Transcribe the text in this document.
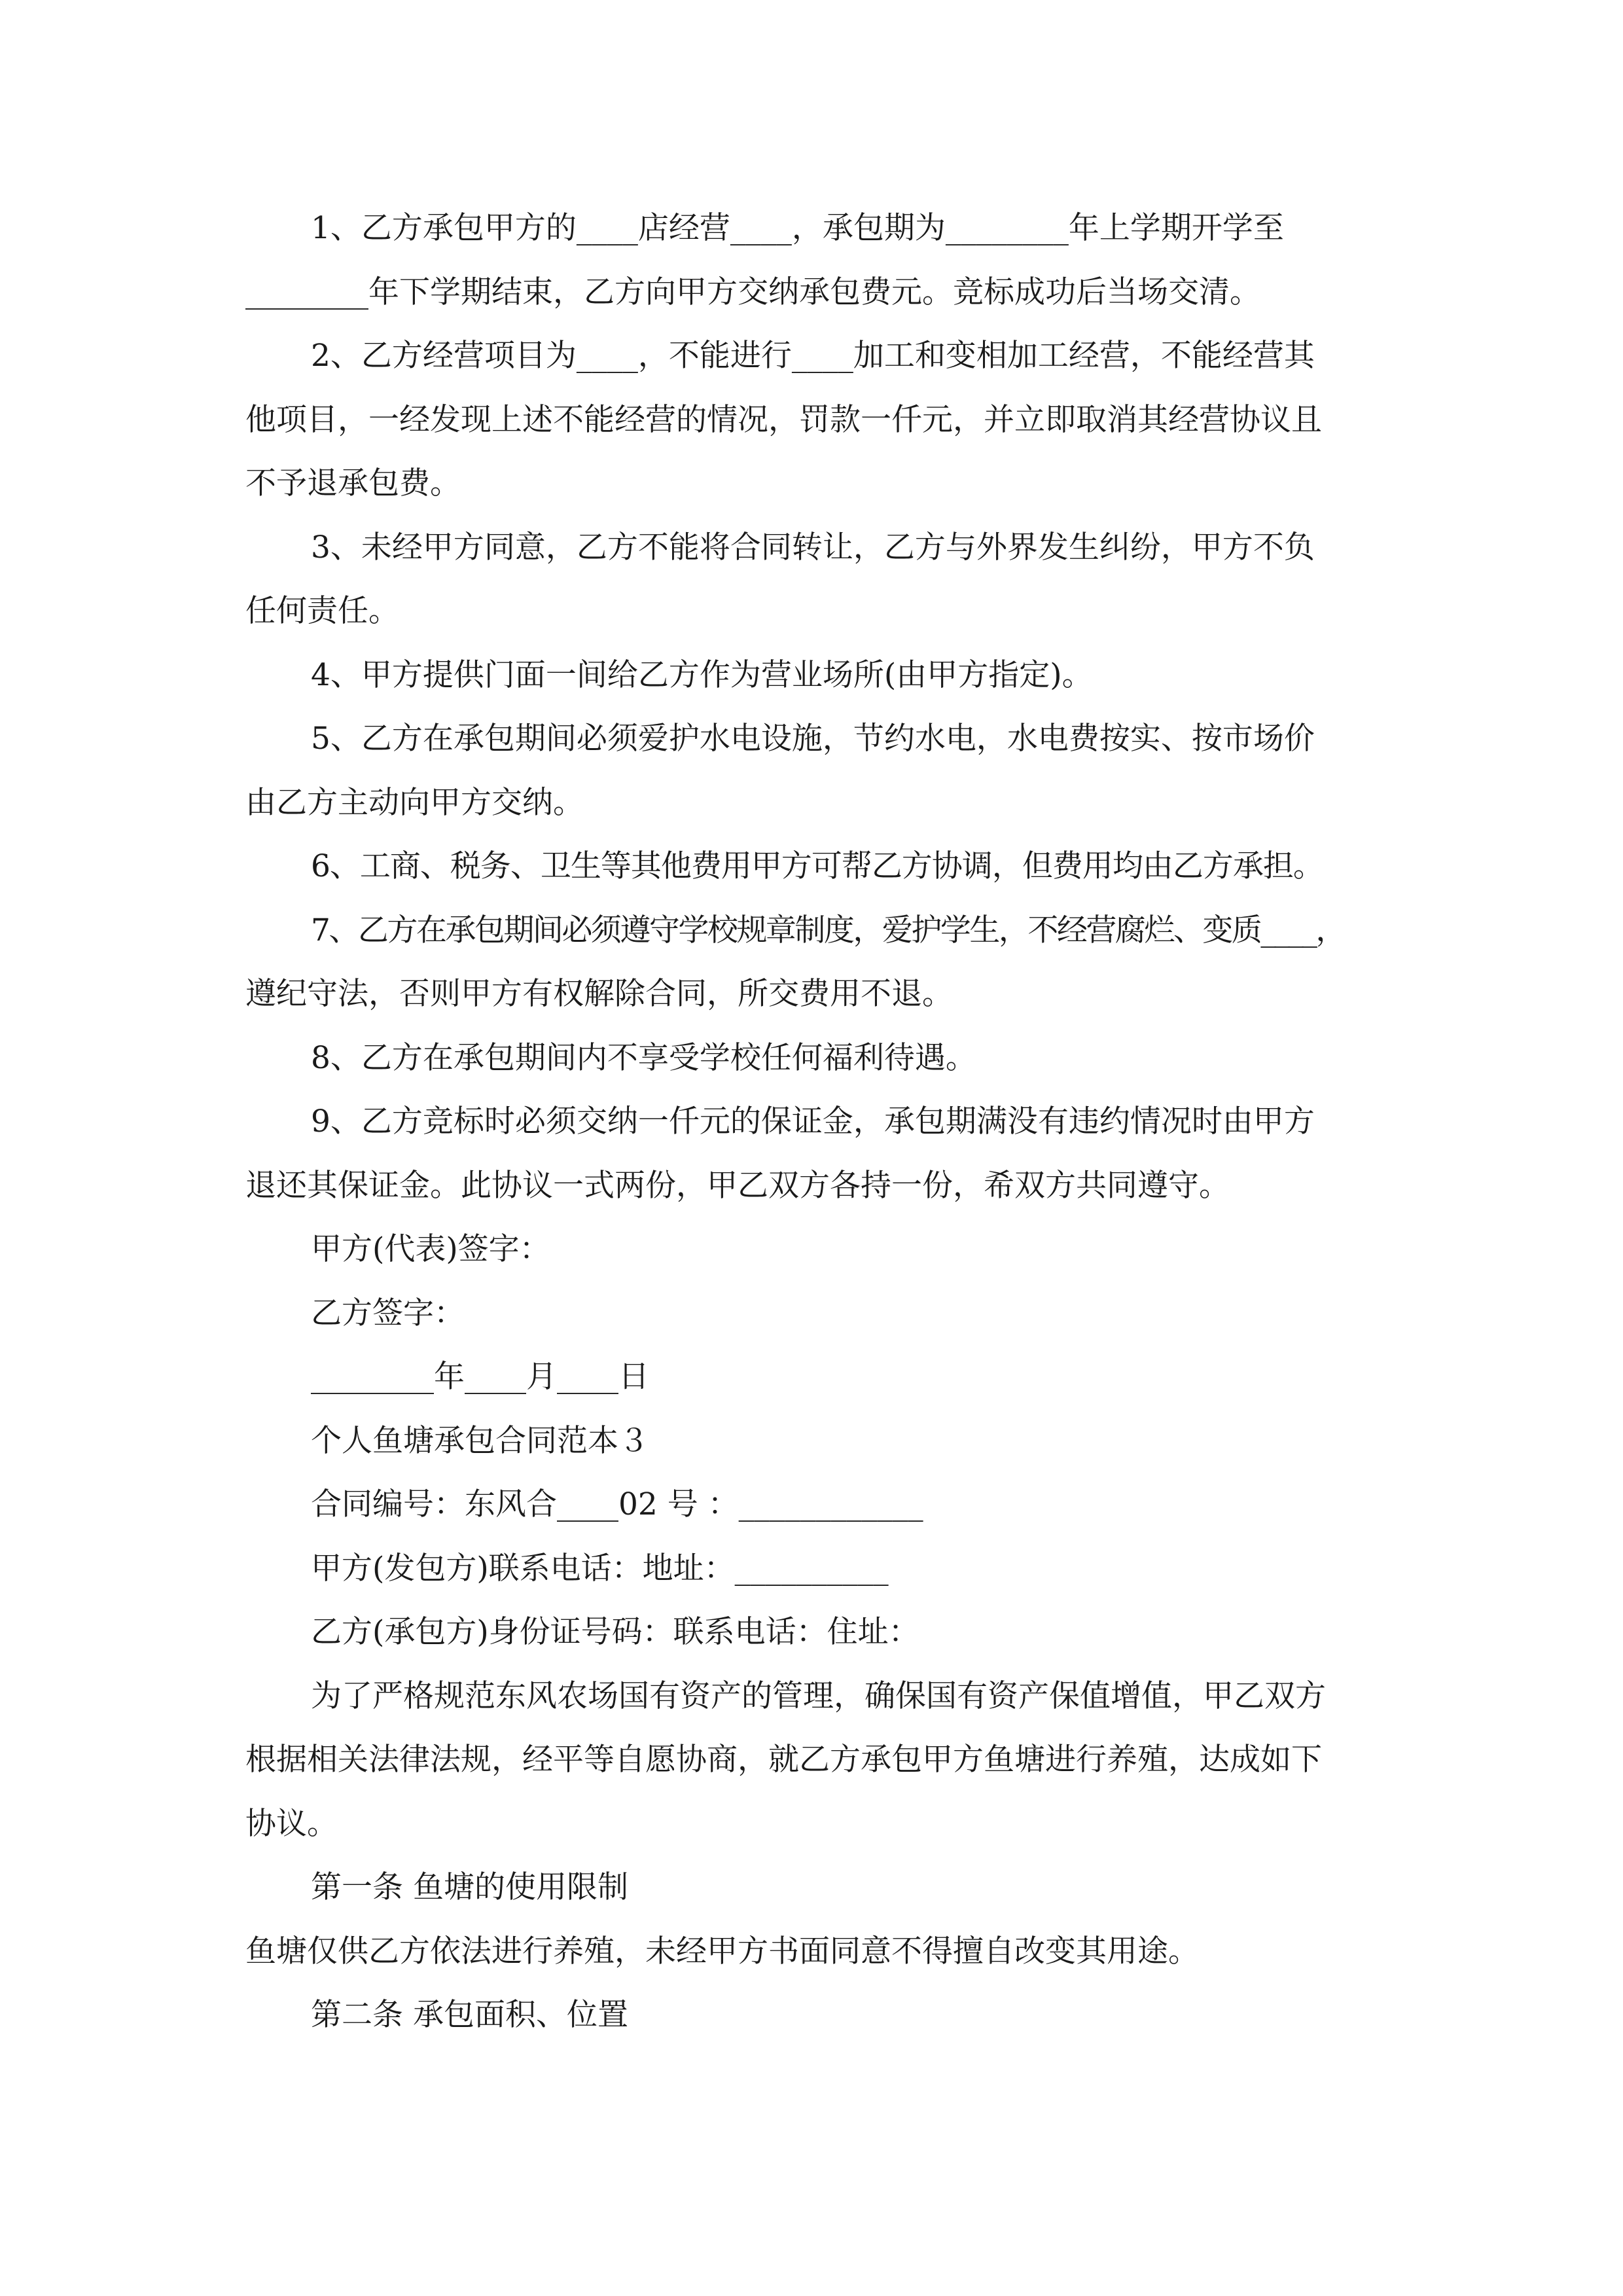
1、乙方承包甲方的____店经营____，承包期为________年上学期开学至

________年下学期结束，乙方向甲方交纳承包费元。竞标成功后当场交清。

2、乙方经营项目为____，不能进行____加工和变相加工经营，不能经营其

他项目，一经发现上述不能经营的情况，罚款一仟元，并立即取消其经营协议且

不予退承包费。

3、未经甲方同意，乙方不能将合同转让，乙方与外界发生纠纷，甲方不负

任何责任。

4、甲方提供门面一间给乙方作为营业场所(由甲方指定)。

5、乙方在承包期间必须爱护水电设施，节约水电，水电费按实、按市场价

由乙方主动向甲方交纳。

6、工商、税务、卫生等其他费用甲方可帮乙方协调，但费用均由乙方承担。

7、乙方在承包期间必须遵守学校规章制度，爱护学生，不经营腐烂、变质____，

遵纪守法，否则甲方有权解除合同，所交费用不退。

8、乙方在承包期间内不享受学校任何福利待遇。

9、乙方竞标时必须交纳一仟元的保证金，承包期满没有违约情况时由甲方

退还其保证金。此协议一式两份，甲乙双方各持一份，希双方共同遵守。

甲方(代表)签字：

乙方签字：

________年____月____日

个人鱼塘承包合同范本３

合同编号：东风合____02 号 ：____________

甲方(发包方)联系电话：地址：__________

乙方(承包方)身份证号码：联系电话：住址：

为了严格规范东风农场国有资产的管理，确保国有资产保值增值，甲乙双方

根据相关法律法规，经平等自愿协商，就乙方承包甲方鱼塘进行养殖，达成如下

协议。

第一条 鱼塘的使用限制

鱼塘仅供乙方依法进行养殖，未经甲方书面同意不得擅自改变其用途。

第二条 承包面积、位置
